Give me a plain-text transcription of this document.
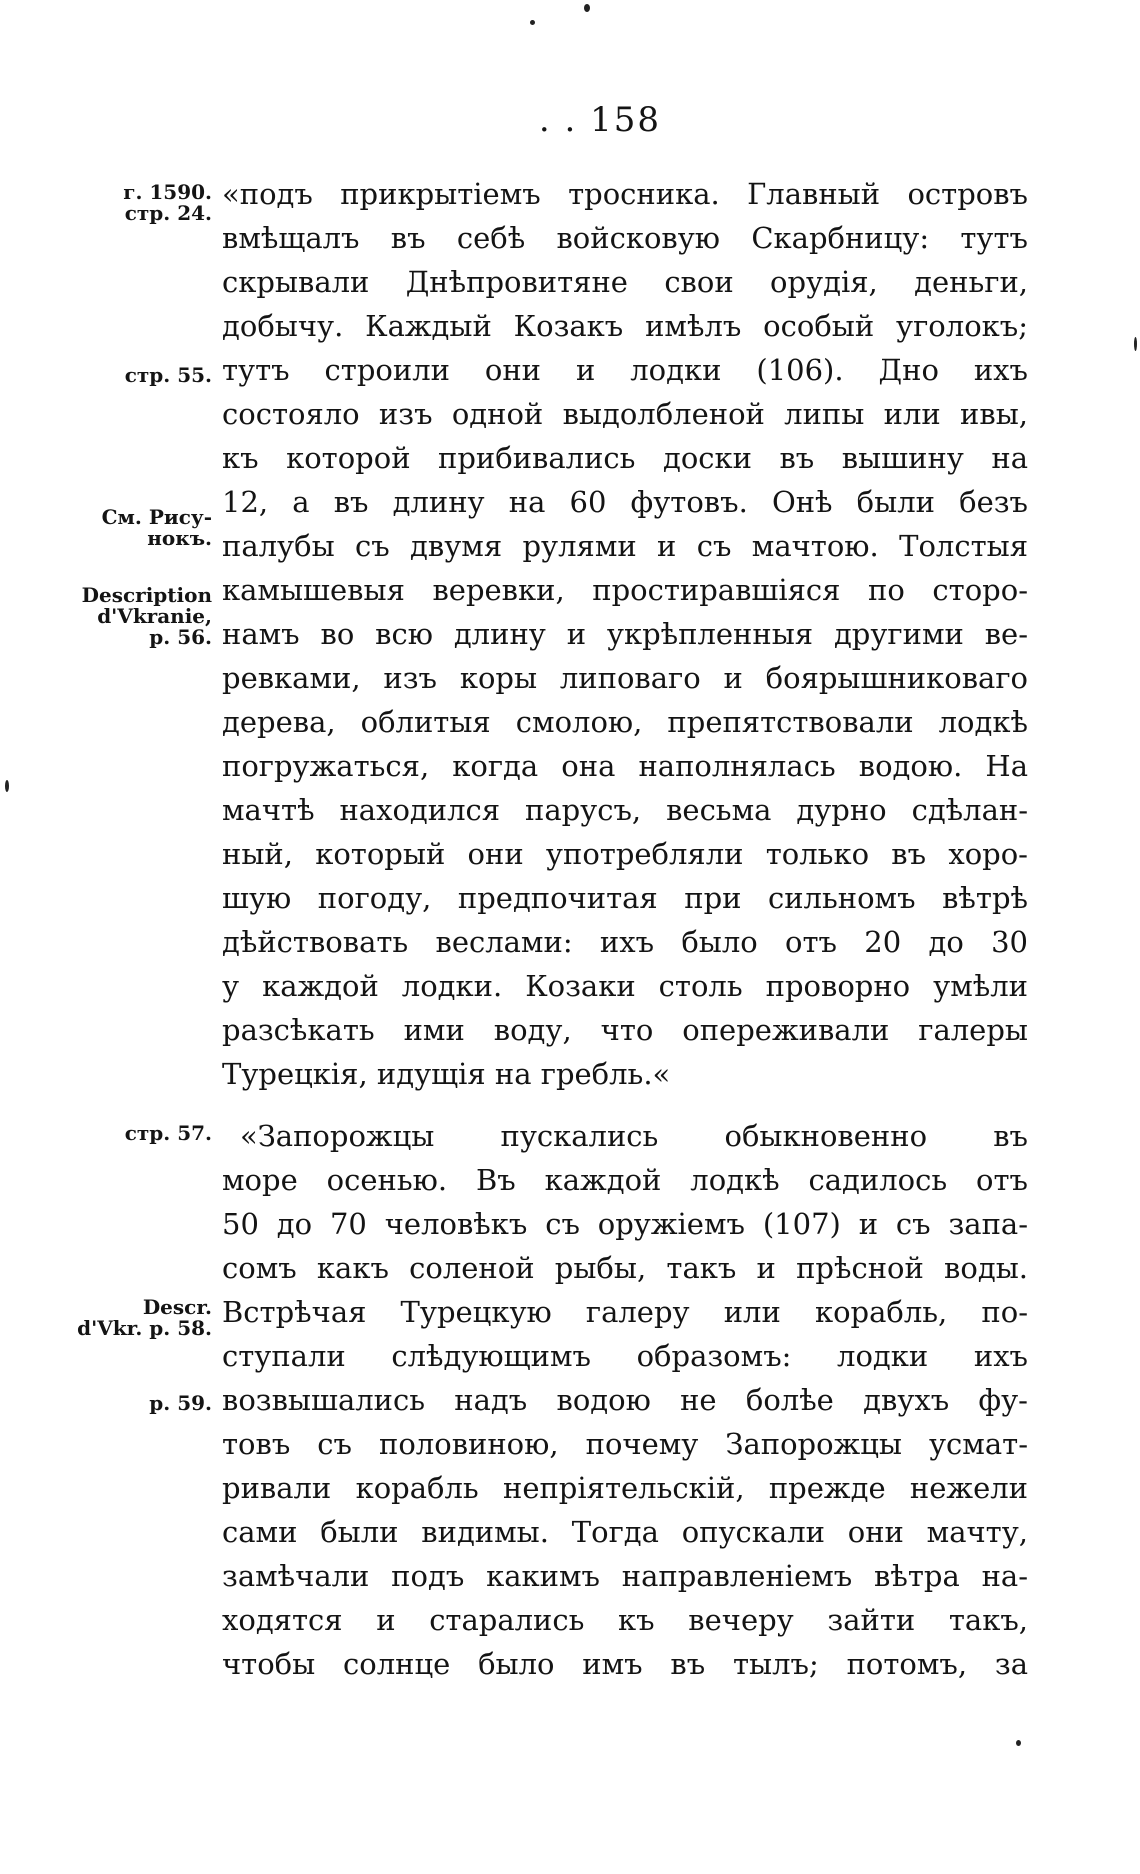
. . 158
г. 1590.
стр. 24.
стр. 55.
См. Рису-
нокъ.
Description
d'Vkranie,
p. 56.
стр. 57.
Descr.
d'Vkr. p. 58.
p. 59.
«подъ прикрытіемъ тросника. Главный островъ
вмѣщалъ въ себѣ войсковую Скарбницу: тутъ
скрывали Днѣпровитяне свои орудія, деньги,
добычу. Каждый Козакъ имѣлъ особый уголокъ;
тутъ строили они и лодки (106). Дно ихъ
состояло изъ одной выдолбленой липы или ивы,
къ которой прибивались доски въ вышину на
12, а въ длину на 60 футовъ. Онѣ были безъ
палубы съ двумя рулями и съ мачтою. Толстыя
камышевыя веревки, простиравшіяся по сторо-
намъ во всю длину и укрѣпленныя другими ве-
ревками, изъ коры липоваго и боярышниковаго
дерева, облитыя смолою, препятствовали лодкѣ
погружаться, когда она наполнялась водою. На
мачтѣ находился парусъ, весьма дурно сдѣлан-
ный, который они употребляли только въ хоро-
шую погоду, предпочитая при сильномъ вѣтрѣ
дѣйствовать веслами: ихъ было отъ 20 до 30
у каждой лодки. Козаки столь проворно умѣли
разсѣкать ими воду, что опереживали галеры
Турецкія, идущія на гребль.«
«Запорожцы пускались обыкновенно въ
море осенью. Въ каждой лодкѣ садилось отъ
50 до 70 человѣкъ съ оружіемъ (107) и съ запа-
сомъ какъ соленой рыбы, такъ и прѣсной воды.
Встрѣчая Турецкую галеру или корабль, по-
ступали слѣдующимъ образомъ: лодки ихъ
возвышались надъ водою не болѣе двухъ фу-
товъ съ половиною, почему Запорожцы усмат-
ривали корабль непріятельскій, прежде нежели
сами были видимы. Тогда опускали они мачту,
замѣчали подъ какимъ направленіемъ вѣтра на-
ходятся и старались къ вечеру зайти такъ,
чтобы солнце было имъ въ тылъ; потомъ, за
